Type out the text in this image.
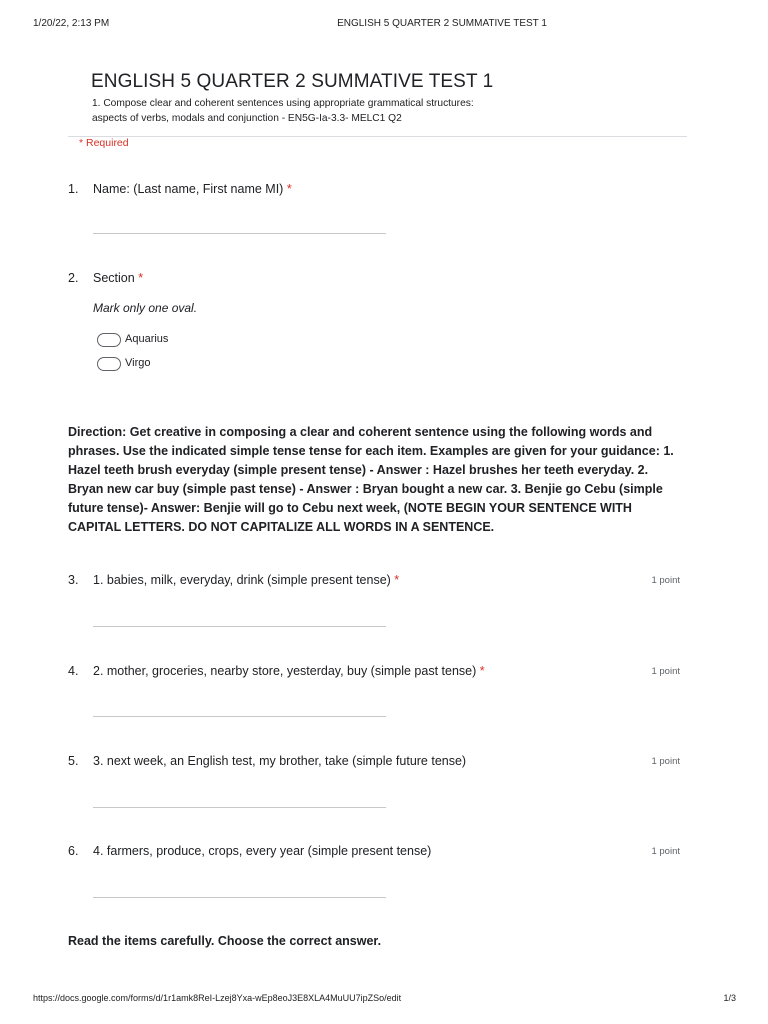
1/20/22, 2:13 PM	ENGLISH 5 QUARTER 2 SUMMATIVE TEST 1
ENGLISH 5 QUARTER 2 SUMMATIVE TEST 1
1. Compose clear and coherent sentences using appropriate grammatical structures:
aspects of verbs, modals and conjunction - EN5G-Ia-3.3- MELC1 Q2
* Required
1. Name: (Last name, First name MI) *
2. Section *
Mark only one oval.
Aquarius
Virgo
Direction: Get creative in composing a clear and coherent sentence using the following words and phrases. Use the indicated simple tense tense for each item. Examples are given for your guidance: 1. Hazel teeth brush everyday (simple present tense) - Answer : Hazel brushes her teeth everyday. 2. Bryan new car buy (simple past tense) - Answer : Bryan bought a new car. 3. Benjie go Cebu (simple future tense)- Answer: Benjie will go to Cebu next week, (NOTE BEGIN YOUR SENTENCE WITH CAPITAL LETTERS. DO NOT CAPITALIZE ALL WORDS IN A SENTENCE.
3. 1. babies, milk, everyday, drink (simple present tense) *	1 point
4. 2. mother, groceries, nearby store, yesterday, buy (simple past tense) *	1 point
5. 3. next week, an English test, my brother, take (simple future tense)	1 point
6. 4. farmers, produce, crops, every year (simple present tense)	1 point
Read the items carefully. Choose the correct answer.
https://docs.google.com/forms/d/1r1amk8ReI-Lzej8Yxa-wEp8eoJ3E8XLA4MuUU7ipZSo/edit	1/3
